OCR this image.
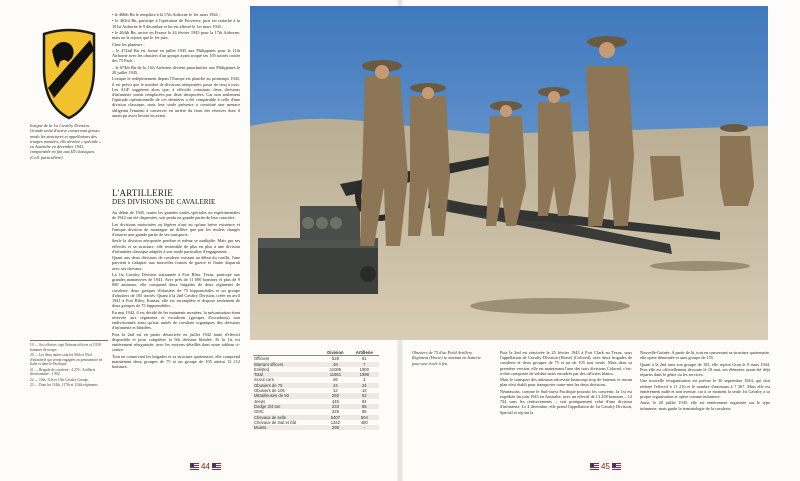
Insigne de la 1st Cavalry Division. Grande unité d'active conservant grosso modo les structures et appellations des troupes montées, elle devient « spéciale » en Australie en décembre 1943, comparable en fait aux ID classiques. (Coll. particulière)

• le 466th Bn le remplace à la 17th Airborne le 1er mars 1944 ;

• le 463rd Bn, participe à l'opération de Provence, puis est rattaché à la 101st Airborne le 9 décembre et lui est affecté le 1er mars 1945 ;

• le 464th Bn, arrive en France le 24 février 1945 pour la 17th Airborne, mais ne la rejoint que le 1er juin.

Chez les planeurs :

– le 472nd Bn est formé en juillet 1945 aux Philippines pour la 11th Airborne avec les obusiers d'un groupe ayant troqué ses 105 tractés contre des 75 Pack ;

– le 674th Bn de la 11th Airborne devient parachutiste aux Philippines le 20 juillet 1945.

Lorsque le redéploiement depuis l'Europe est planifié au printemps 1945, il est prévu que le nombre de divisions aéroportées passe de cinq à trois. Les AGF suggèrent alors que, à effectifs constants, deux divisions d'infanterie soient remplacées par deux aéroportées. Car non seulement l'aptitude opérationnelle de ces dernières a été comparable à celle d'une division classique, mais leur seule présence a constitué une menace obligeant l'ennemi à conserver en arrière du front des réserves dont il aurait pu avoir besoin en avant.

L'ARTILLERIE
DES DIVISIONS DE CAVALERIE

Au début de 1945, toutes les grandes unités spéciales ou expérimentales de 1942 ont été dispersées, soit perdu en grande partie de leur caractère.

Les divisions motorisées ou légères n'ont eu qu'une brève existence et l'unique division de montagne ne diffère que par les mulets chargés d'assurer une grande partie de ses transports.

Seule la division aéroportée perdure et même se multiplie. Mais par ses effectifs et sa structure, elle ressemble de plus en plus à une division d'infanterie classique adaptée à son mode particulier d'engagement.

Quant aux deux divisions de cavalerie existant au début du conflit, l'une parvient à s'adapter aux nouvelles formes de guerre et l'autre disparaît avec ses chevaux.

La 1st Cavalry Division stationnée à Fort Bliss, Texas, participe aux grandes manœuvres de 1941. Avec près de 11 000 hommes et plus de 9 000 animaux, elle comprend deux brigades de deux régiments de cavalerie, deux groupes d'obusiers de 75 hippomobiles et un groupe d'obusiers de 105 tractés. Quant à la 2nd Cavalry Division, créée en avril 1941 à Fort Riley, Kansas, elle est incomplète et dispose seulement de deux groupes de 75 hippomobiles.

En mai 1942, il est décidé de les maintenir montées, la mécanisation étant réservée aux régiments et escadrons (groupes d'escadrons) non endivisionnés ainsi qu'aux unités de cavalerie organiques des divisions d'infanterie et blindées.

Puis la 2nd est en partie désactivée en juillet 1942 faute d'effectif disponible et pour compléter la 9th division blindée. Et la 1st est entièrement réorganisée, avec les moyens détaillés dans notre tableau ci-contre.

Tout en conservant les brigades et sa structure quaternaire, elle comprend maintenant deux groupes de 75 et un groupe de 105 atteint 12 112 hommes.

19 — Six officiers, sept Warrant officers et 2 838 hommes de troupe.

20 — Les deux autres sont les 90th et 93rd d'infanterie qui seront engagées en permanence en Italie et dans le Pacifique.

21 — Brigade de cavalerie : 4 276 ; Artillerie divisionnaire : 1 902.

22 — 10th, 11th et 13th Cavalry Groups.

23 — Dont les 114th, 117th et 124th régiments.

44

Puis la 2nd est réactivée le 25 février 1943 à Fort Clark au Texas, sous l'appellation de Cavalry Division (Horse) (Colored), avec deux brigades de cavalerie et deux groupes de 75 et un de 105 tout neufs. Mais dans sa première version, elle est maintenant l'une des trois divisions Colored, c'est-à-dire composée de soldats noirs encadrés par des officiers blancs.

Mais le transport des animaux nécessite beaucoup trop de bateaux et aucun plan n'est établi pour transporter outre-mer les deux divisions.

Néanmoins, comme le Sud-ouest Pacifique pourrait les convertir, la 1st est expédiée fin juin 1943 en Australie, avec un effectif de 13 258 hommes – 12 724 sans les renforcements – soit pratiquement celui d'une division d'infanterie. Le 4 décembre, elle prend l'appellation de 1st Cavalry Division, Special et rejoint la

Nouvelle-Guinée. A partir de là, tout en conservant sa structure quaternaire, elle opère démontée et sans groupe de 155.

Quant à la 2nd sans son groupe de 105, elle rejoint Oran le 9 mars 1944. Puis elle est officiellement dissoute le 10 mai, ses éléments ayant été déjà répartis dans le génie ou les services.

Une nouvelle réorganisation est prévue le 30 septembre 1944, qui doit réduire l'effectif à 11 216 et le nombre d'animaux à 7 367. Mais elle est entièrement nulle et non avenue, car à ce moment la seule 1st Cavalry a sa propre organisation et opère comme infanterie.

Ainsi, le 20 juillet 1945, elle est entièrement organisée sur le type infanterie, mais garde la terminologie de la cavalerie.

45
Obusiers de 75 d'un Field Artillery Regiment (Horse) se mettant en batterie pour une école à feu.
	Division	Artillerie
Officiers	528	91
Warrant officers	48	7
Enlisted	11085	1900
Total	11661	1998
Scout cars	26	3
Obusiers de 75	24	24
Obusiers de 105	12	12
Mitrailleuses de 50	260	52
Jeeps	445	84
Dodge 3/4 ton	233	85
GMC	329	95
Chevaux de selle	5407	504
Chevaux de trait et bât	1342	480
Mulets	299	-
